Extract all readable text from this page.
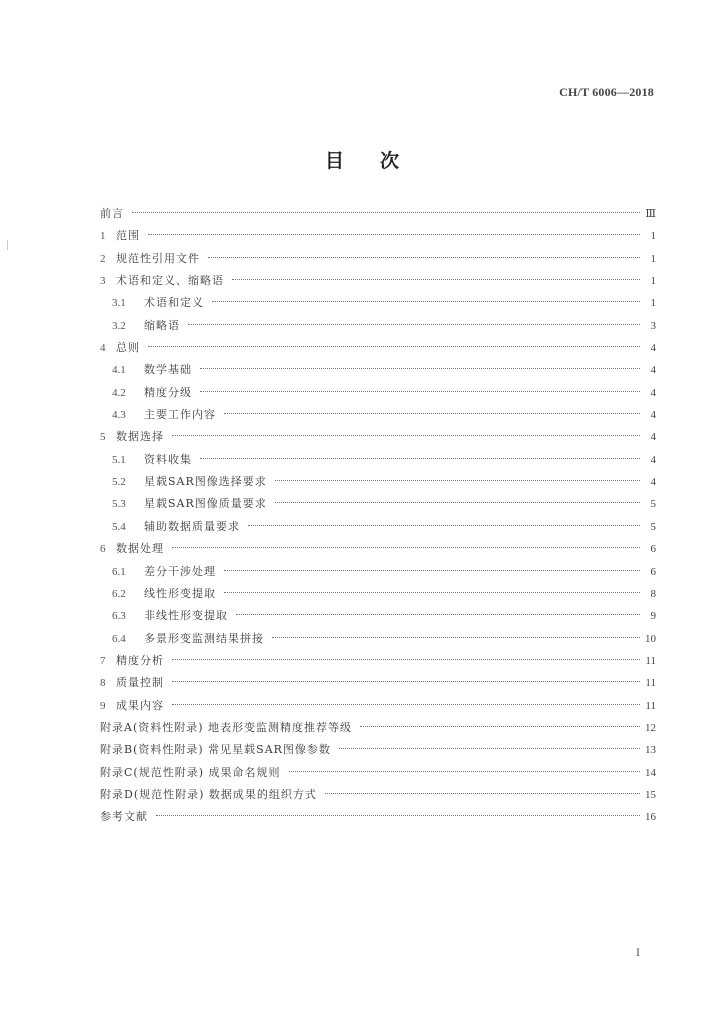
CH/T 6006—2018
目次
前言	Ⅲ
1 范围	1
2 规范性引用文件	1
3 术语和定义、缩略语	1
3.1	术语和定义	1
3.2	缩略语	3
4 总则	4
4.1	数学基础	4
4.2	精度分级	4
4.3	主要工作内容	4
5 数据选择	4
5.1	资料收集	4
5.2	星载SAR图像选择要求	4
5.3	星载SAR图像质量要求	5
5.4	辅助数据质量要求	5
6 数据处理	6
6.1	差分干涉处理	6
6.2	线性形变提取	8
6.3	非线性形变提取	9
6.4	多景形变监测结果拼接	10
7 精度分析	11
8 质量控制	11
9 成果内容	11
附录A(资料性附录) 地表形变监测精度推荐等级	12
附录B(资料性附录) 常见星载SAR图像参数	13
附录C(规范性附录) 成果命名规则	14
附录D(规范性附录) 数据成果的组织方式	15
参考文献	16
I
